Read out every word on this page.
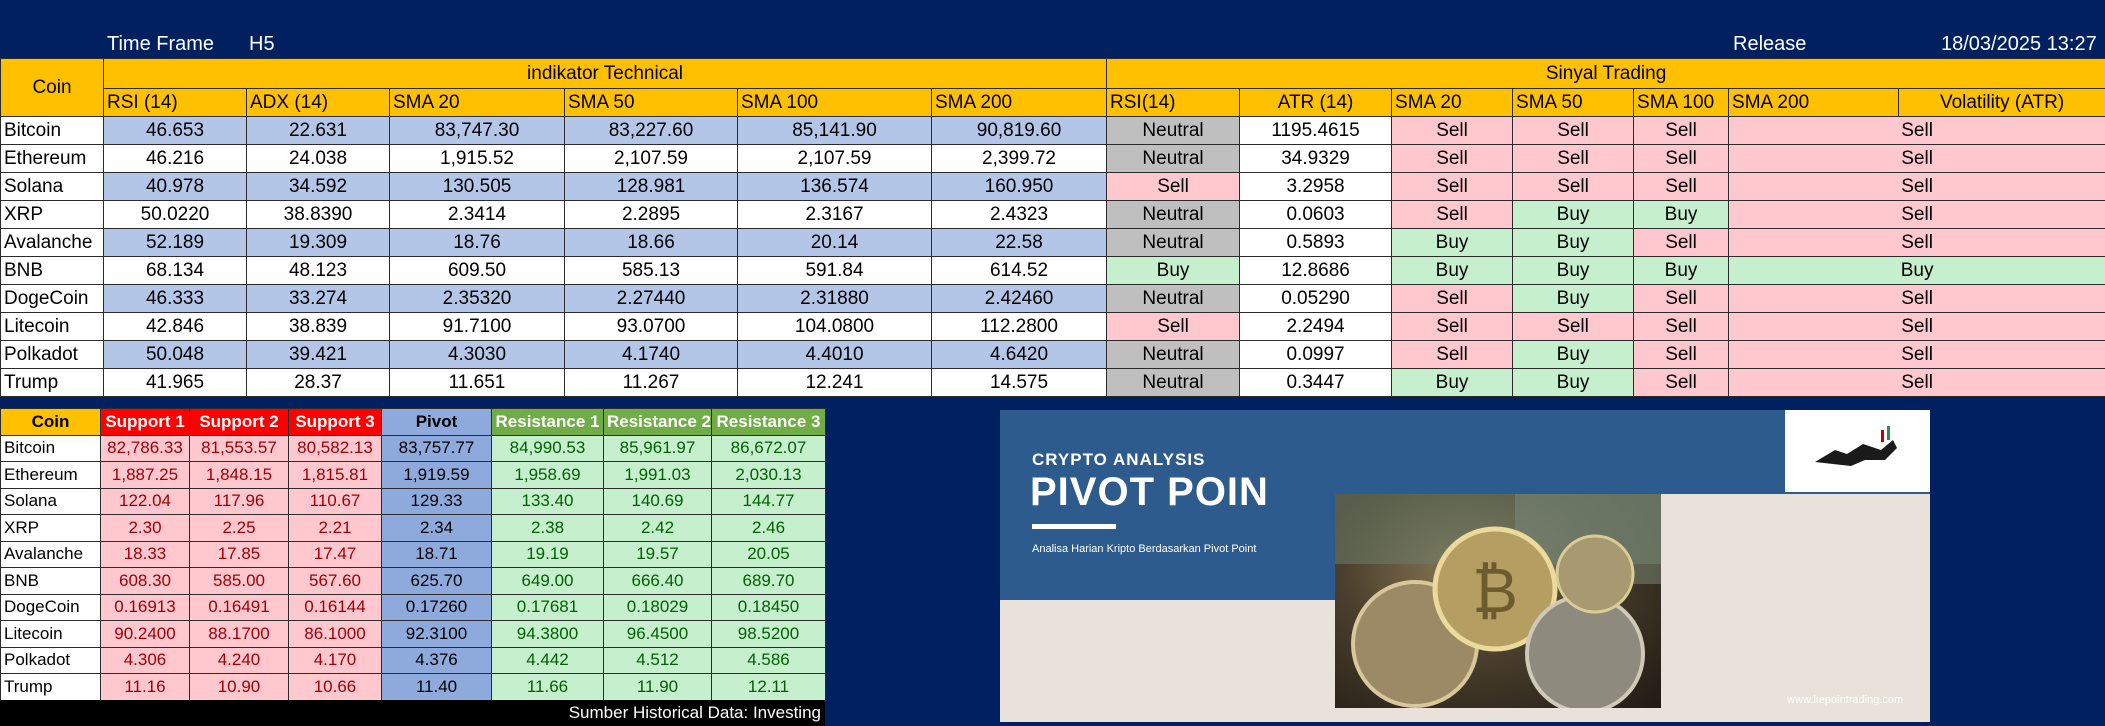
Time Frame H5	Release	18/03/2025 13:27
Coin	indikator Technical						Sinyal Trading							
	RSI (14)	ADX (14)	SMA 20	SMA 50	SMA 100	SMA 200	RSI(14)	ATR (14)	SMA 20	SMA 50	SMA 100	SMA 200	Volatility (ATR)	
Bitcoin	46.653	22.631	83,747.30	83,227.60	85,141.90	90,819.60	Neutral	1195.4615	Sell	Sell	Sell	Sell	
Ethereum	46.216	24.038	1,915.52	2,107.59	2,107.59	2,399.72	Neutral	34.9329	Sell	Sell	Sell	Sell	
Solana	40.978	34.592	130.505	128.981	136.574	160.950	Sell	3.2958	Sell	Sell	Sell	Sell	
XRP	50.0220	38.8390	2.3414	2.2895	2.3167	2.4323	Neutral	0.0603	Sell	Buy	Buy	Sell	
Avalanche	52.189	19.309	18.76	18.66	20.14	22.58	Neutral	0.5893	Buy	Buy	Sell	Sell	
BNB	68.134	48.123	609.50	585.13	591.84	614.52	Buy	12.8686	Buy	Buy	Buy	Buy	
DogeCoin	46.333	33.274	2.35320	2.27440	2.31880	2.42460	Neutral	0.05290	Sell	Buy	Sell	Sell	
Litecoin	42.846	38.839	91.7100	93.0700	104.0800	112.2800	Sell	2.2494	Sell	Sell	Sell	Sell	
Polkadot	50.048	39.421	4.3030	4.1740	4.4010	4.6420	Neutral	0.0997	Sell	Buy	Sell	Sell	
Trump	41.965	28.37	11.651	11.267	12.241	14.575	Neutral	0.3447	Buy	Buy	Sell	Sell	
Coin	Support 1	Support 2	Support 3	Pivot	Resistance 1	Resistance 2	Resistance 3
Bitcoin	82,786.33	81,553.57	80,582.13	83,757.77	84,990.53	85,961.97	86,672.07
Ethereum	1,887.25	1,848.15	1,815.81	1,919.59	1,958.69	1,991.03	2,030.13
Solana	122.04	117.96	110.67	129.33	133.40	140.69	144.77
XRP	2.30	2.25	2.21	2.34	2.38	2.42	2.46
Avalanche	18.33	17.85	17.47	18.71	19.19	19.57	20.05
BNB	608.30	585.00	567.60	625.70	649.00	666.40	689.70
DogeCoin	0.16913	0.16491	0.16144	0.17260	0.17681	0.18029	0.18450
Litecoin	90.2400	88.1700	86.1000	92.3100	94.3800	96.4500	98.5200
Polkadot	4.306	4.240	4.170	4.376	4.442	4.512	4.586
Trump	11.16	10.90	10.66	11.40	11.66	11.90	12.11
Sumber Historical Data: Investing
CRYPTO ANALYSIS
PIVOT POIN
Analisa Harian Kripto Berdasarkan Pivot Point
₿
www.kepointrading.com
